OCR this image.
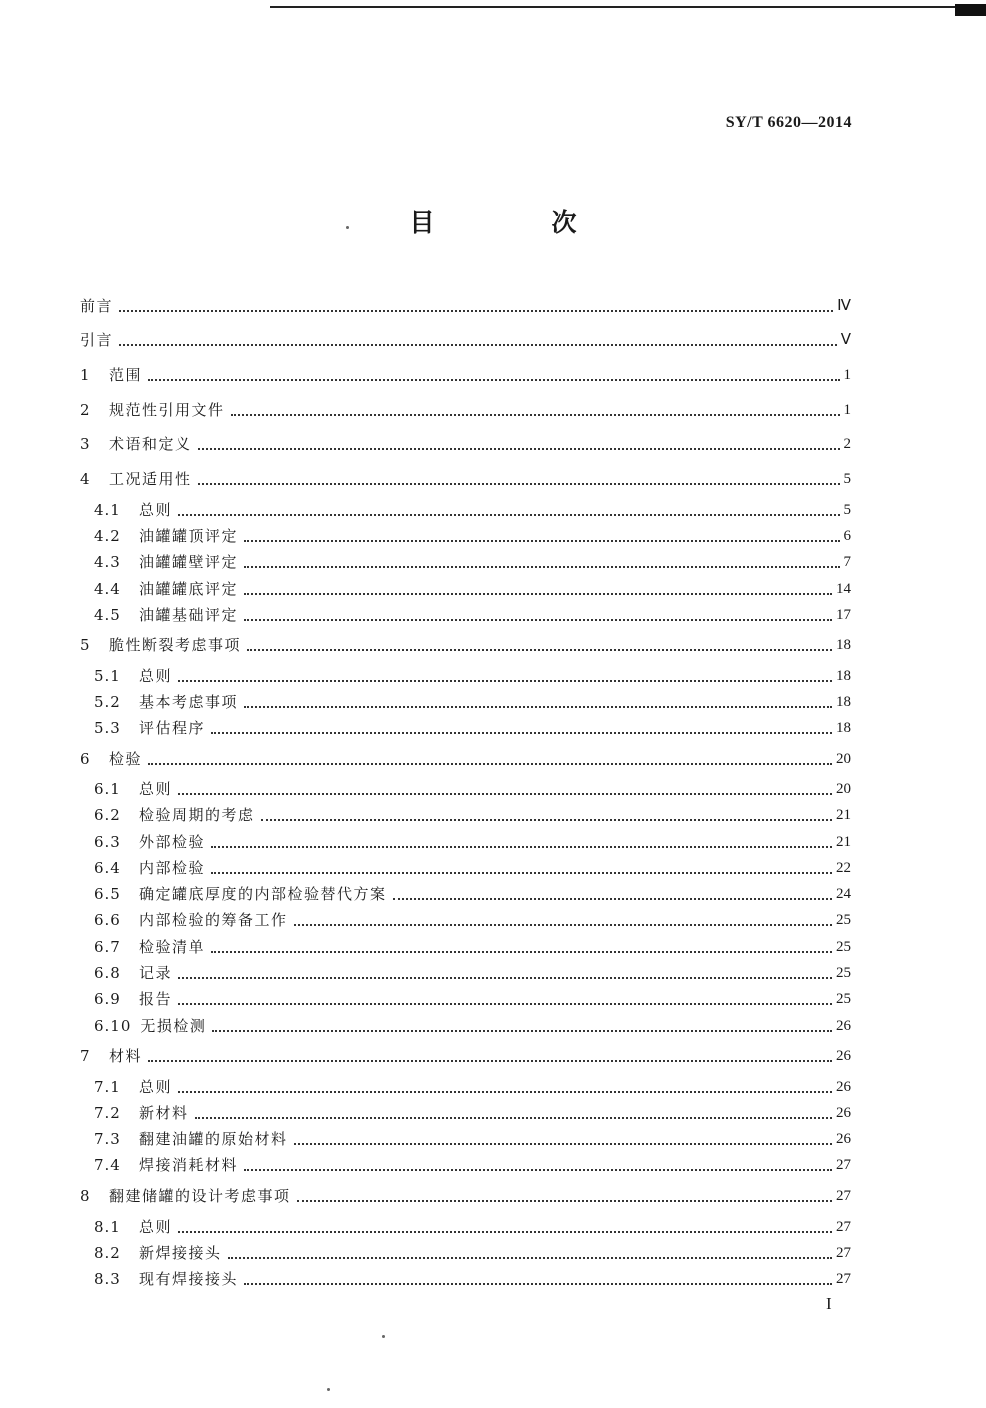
SY/T 6620—2014
目　次
前言	Ⅳ
引言	Ⅴ
1	范围	1
2	规范性引用文件	1
3	术语和定义	2
4	工况适用性	5
4.1	总则	5
4.2	油罐罐顶评定	6
4.3	油罐罐壁评定	7
4.4	油罐罐底评定	14
4.5	油罐基础评定	17
5	脆性断裂考虑事项	18
5.1	总则	18
5.2	基本考虑事项	18
5.3	评估程序	18
6	检验	20
6.1	总则	20
6.2	检验周期的考虑	21
6.3	外部检验	21
6.4	内部检验	22
6.5	确定罐底厚度的内部检验替代方案	24
6.6	内部检验的筹备工作	25
6.7	检验清单	25
6.8	记录	25
6.9	报告	25
6.10 无损检测	26
7	材料	26
7.1	总则	26
7.2	新材料	26
7.3	翻建油罐的原始材料	26
7.4	焊接消耗材料	27
8	翻建储罐的设计考虑事项	27
8.1	总则	27
8.2	新焊接接头	27
8.3	现有焊接接头	27
I
